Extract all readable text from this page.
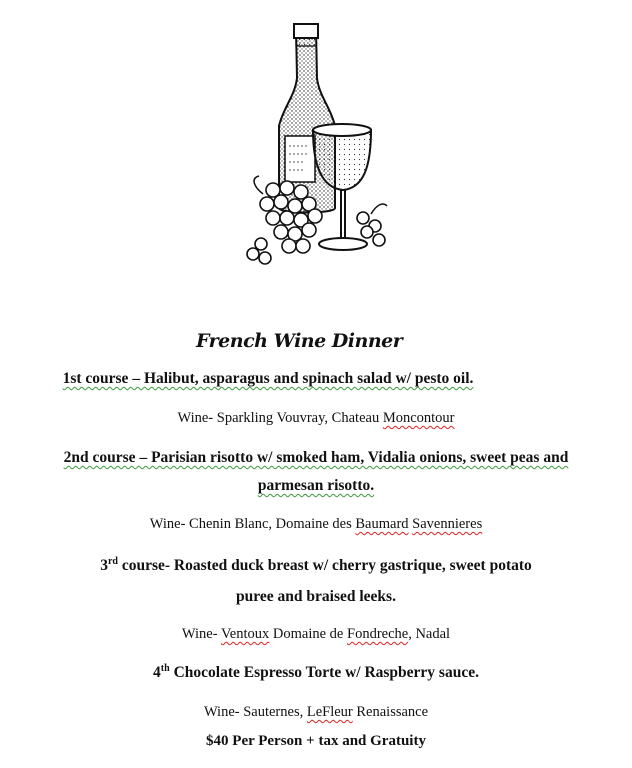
French Wine Dinner
1st course – Halibut, asparagus and spinach salad w/ pesto oil.
Wine- Sparkling Vouvray, Chateau Moncontour
2nd course – Parisian risotto w/ smoked ham, Vidalia onions, sweet peas and
parmesan risotto.
Wine- Chenin Blanc, Domaine des Baumard Savennieres
3rd course- Roasted duck breast w/ cherry gastrique, sweet potato
puree and braised leeks.
Wine- Ventoux Domaine de Fondreche, Nadal
4th Chocolate Espresso Torte w/ Raspberry sauce.
Wine- Sauternes, LeFleur Renaissance
$40 Per Person + tax and Gratuity
